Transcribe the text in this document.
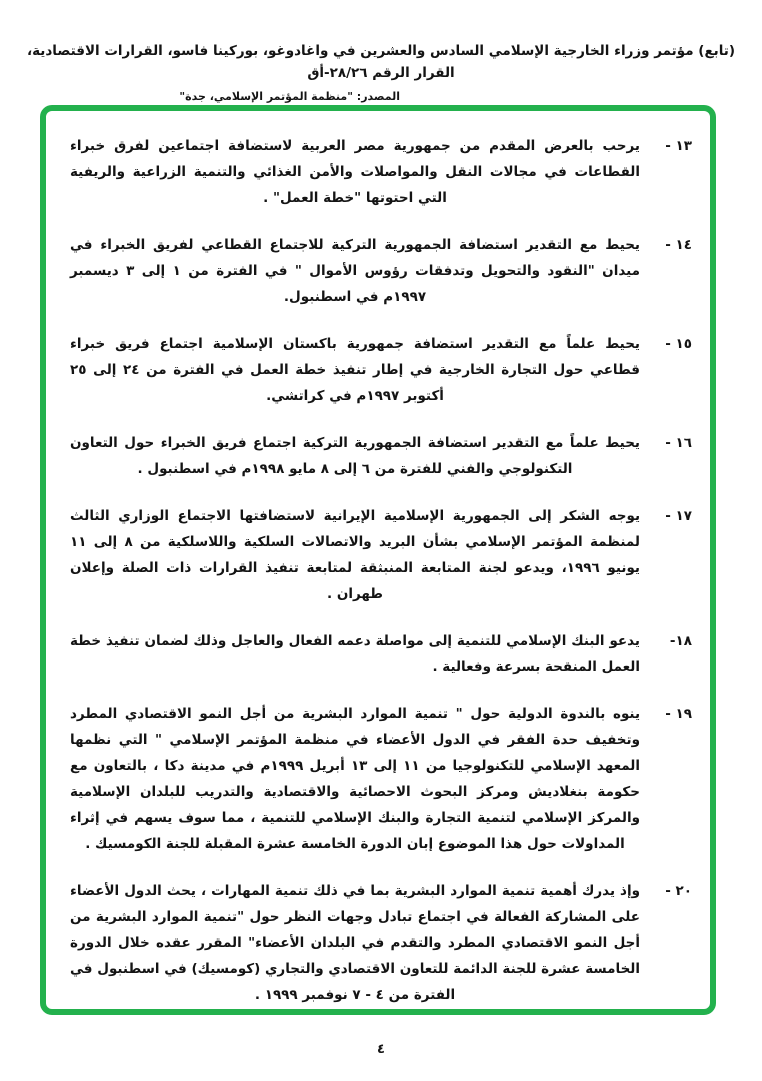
(تابع) مؤتمر وزراء الخارجية الإسلامي السادس والعشرين في واغادوغو، بوركينا فاسو، القرارات الاقتصادية، القرار الرقم ٢٨/٢٦-أق
المصدر: "منظمة المؤتمر الإسلامي، جدة"
١٣ -
يرحب بالعرض المقدم من جمهورية مصر العربية لاستضافة اجتماعين لفرق خبراء القطاعات في مجالات النقل والمواصلات والأمن الغذائي والتنمية الزراعية والريفية التي احتوتها "خطة العمل" .
١٤ -
يحيط مع التقدير استضافة الجمهورية التركية للاجتماع القطاعي لفريق الخبراء في ميدان "النقود والتحويل وتدفقات رؤوس الأموال " في الفترة من ١ إلى ٣ ديسمبر ١٩٩٧م في اسطنبول.
١٥ -
يحيط علماً مع التقدير استضافة جمهورية باكستان الإسلامية اجتماع فريق خبراء قطاعي حول التجارة الخارجية في إطار تنفيذ خطة العمل في الفترة من ٢٤ إلى ٢٥ أكتوبر ١٩٩٧م في كراتشي.
١٦ -
يحيط علماً مع التقدير استضافة الجمهورية التركية اجتماع فريق الخبراء حول التعاون التكنولوجي والفني للفترة من ٦ إلى ٨ مايو ١٩٩٨م في اسطنبول .
١٧ -
يوجه الشكر إلى الجمهورية الإسلامية الإيرانية لاستضافتها الاجتماع الوزاري الثالث لمنظمة المؤتمر الإسلامي بشأن البريد والاتصالات السلكية واللاسلكية من ٨ إلى ١١ يونيو ١٩٩٦، ويدعو لجنة المتابعة المنبثقة لمتابعة تنفيذ القرارات ذات الصلة وإعلان طهران .
١٨-
يدعو البنك الإسلامي للتنمية إلى مواصلة دعمه الفعال والعاجل وذلك لضمان تنفيذ خطة العمل المنقحة بسرعة وفعالية .
١٩ -
ينوه بالندوة الدولية حول " تنمية الموارد البشرية من أجل النمو الاقتصادي المطرد وتخفيف حدة الفقر في الدول الأعضاء في منظمة المؤتمر الإسلامي " التي نظمها المعهد الإسلامي للتكنولوجيا من ١١ إلى ١٣ أبريل ١٩٩٩م في مدينة دكا ، بالتعاون مع حكومة بنغلاديش ومركز البحوث الاحصائية والاقتصادية والتدريب للبلدان الإسلامية والمركز الإسلامي لتنمية التجارة والبنك الإسلامي للتنمية ، مما سوف يسهم في إثراء المداولات حول هذا الموضوع إبان الدورة الخامسة عشرة المقبلة للجنة الكومسيك .
٢٠ -
وإذ يدرك أهمية تنمية الموارد البشرية بما في ذلك تنمية المهارات ، يحث الدول الأعضاء على المشاركة الفعالة في اجتماع تبادل وجهات النظر حول "تنمية الموارد البشرية من أجل النمو الاقتصادي المطرد والتقدم في البلدان الأعضاء" المقرر عقده خلال الدورة الخامسة عشرة للجنة الدائمة للتعاون الاقتصادي والتجاري (كومسيك) في اسطنبول في الفترة من ٤ - ٧ نوفمبر ١٩٩٩ .
٤
